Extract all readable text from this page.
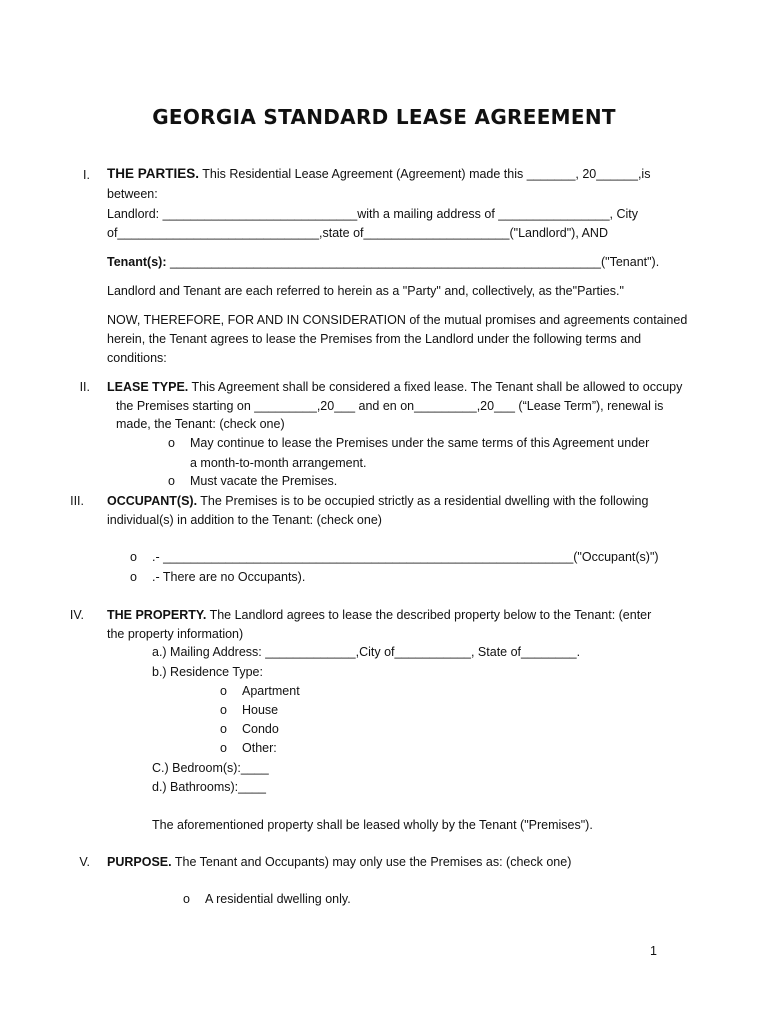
GEORGIA STANDARD LEASE AGREEMENT
I. THE PARTIES. This Residential Lease Agreement (Agreement) made this _______, 20______,is
between:
Landlord: ____________________________with a mailing address of ________________, City
of_____________________________,state of_____________________("Landlord"), AND
Tenant(s): ______________________________________________________________("Tenant").
Landlord and Tenant are each referred to herein as a "Party" and, collectively, as the"Parties."
NOW, THEREFORE, FOR AND IN CONSIDERATION of the mutual promises and agreements contained
herein, the Tenant agrees to lease the Premises from the Landlord under the following terms and
conditions:
II. LEASE TYPE. This Agreement shall be considered a fixed lease. The Tenant shall be allowed to occupy
the Premises starting on _________,20___ and en on_________,20___ (“Lease Term”), renewal is
made, the Tenant: (check one)
o May continue to lease the Premises under the same terms of this Agreement under
a month-to-month arrangement.
o Must vacate the Premises.
III. OCCUPANT(S). The Premises is to be occupied strictly as a residential dwelling with the following
individual(s) in addition to the Tenant: (check one)
o .- ___________________________________________________________("Occupant(s)")
o .- There are no Occupants).
IV. THE PROPERTY. The Landlord agrees to lease the described property below to the Tenant: (enter
the property information)
a.) Mailing Address: _____________,City of___________, State of________.
b.) Residence Type:
o Apartment
o House
o Condo
o Other:
C.) Bedroom(s):____
d.) Bathrooms):____
The aforementioned property shall be leased wholly by the Tenant ("Premises").
V. PURPOSE. The Tenant and Occupants) may only use the Premises as: (check one)
o A residential dwelling only.
1
